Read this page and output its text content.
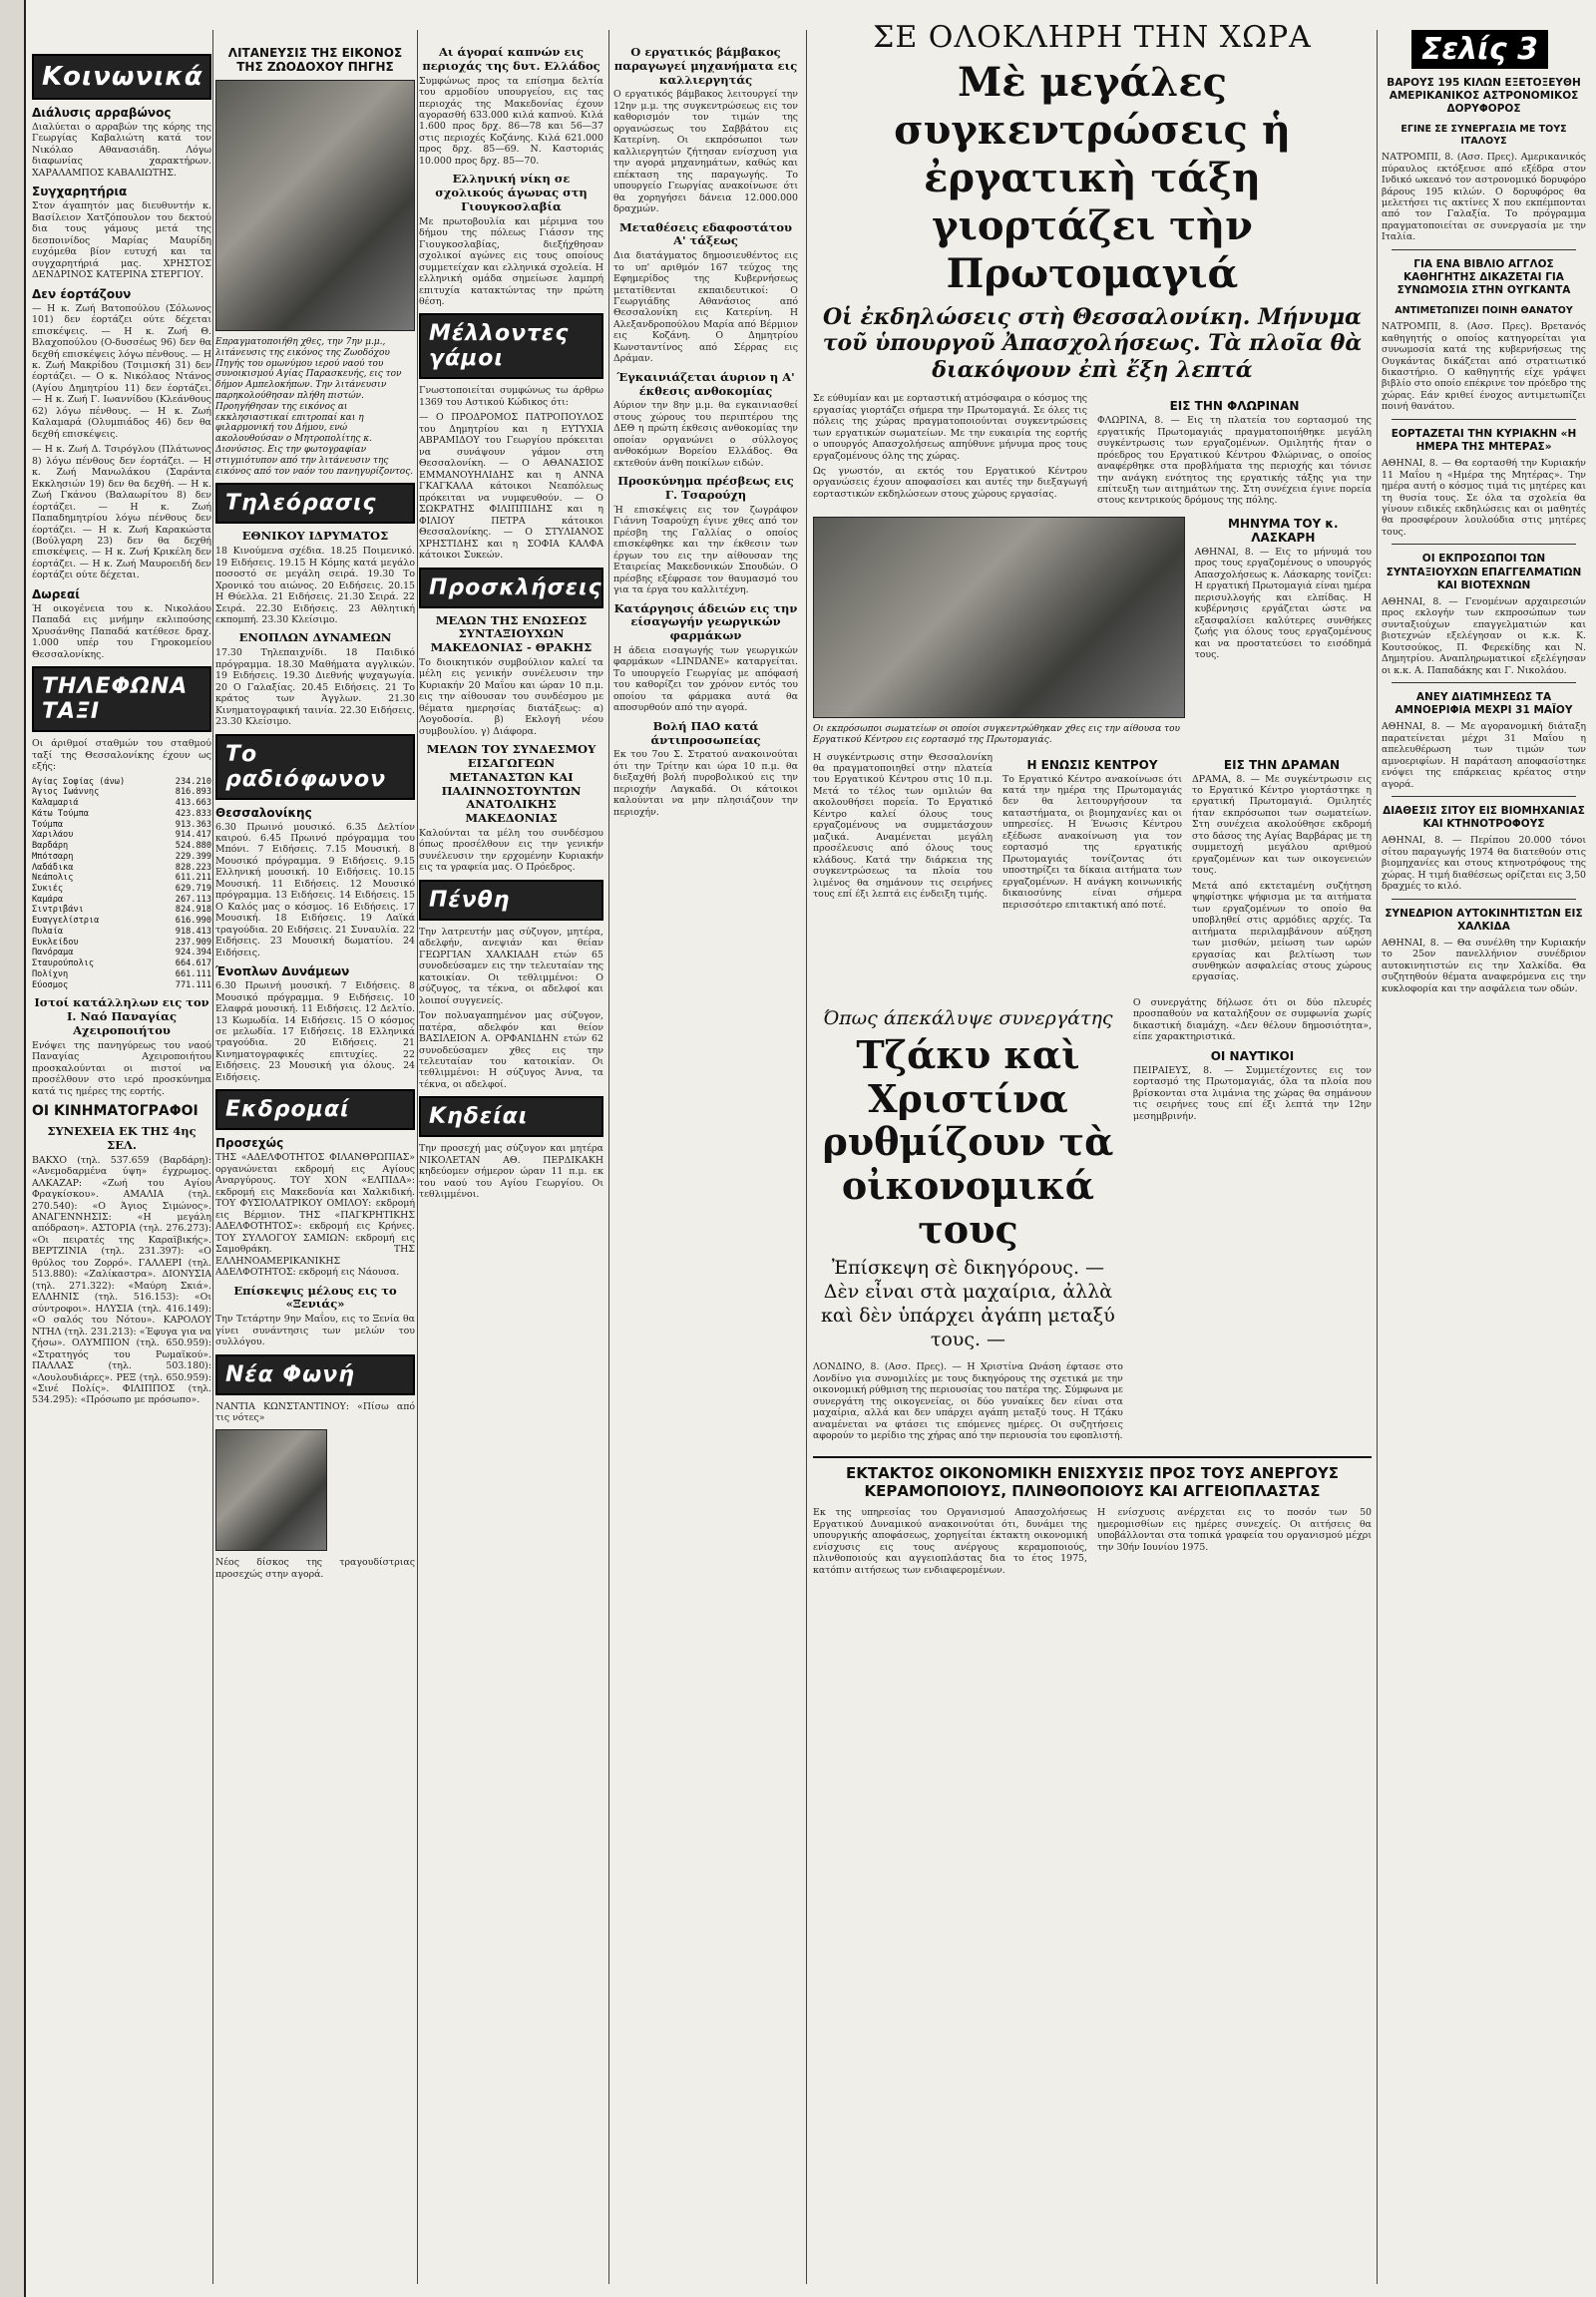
Κοινωνικά
Διάλυσις αρραβώνος

Διαλύεται ο αρραβών της κόρης της Γεωργίας Καβαλιώτη κατά τον Νικόλαο Αθανασιάδη. Λόγω διαφωνίας χαρακτήρων. ΧΑΡΑΛΑΜΠΟΣ ΚΑΒΑΛΙΩΤΗΣ.

Συγχαρητήρια

Στον άγαπητόν μας διευθυντήν κ. Βασίλειον Χατζόπουλον του δεκτού δια τους γάμους μετά της δεσποινίδος Μαρίας Μαυρίδη ευχόμεθα βίον ευτυχή και τα συγχαρητήριά μας. ΧΡΗΣΤΟΣ ΔΕΝΔΡΙΝΟΣ ΚΑΤΕΡΙΝΑ ΣΤΕΡΓΙΟΥ.

Δεν έορτάζουν

— Η κ. Ζωή Βατοπούλου (Σόλωνος 101) δεν έορτάζει ούτε δέχεται επισκέψεις. — Η κ. Ζωή Θ. Βλαχοπούλου (Ο-δυσσέως 96) δεν θα δεχθή επισκέψεις λόγω πένθους. — Η κ. Ζωή Μακρίδου (Τσιμισκή 31) δεν έορτάζει. — Ο κ. Νικόλαος Ντάνος (Αγίου Δημητρίου 11) δεν έορτάζει. — Η κ. Ζωή Γ. Ιωαννίδου (Κλεάνθους 62) λόγω πένθους. — Η κ. Ζωή Καλαμαρά (Ολυμπιάδος 46) δεν θα δεχθή επισκέψεις.

— Η κ. Ζωή Δ. Τσιρόγλου (Πλάτωνος 8) λόγω πένθους δεν έορτάζει. — Η κ. Ζωή Μανωλάκου (Σαράντα Εκκλησιών 19) δεν θα δεχθή. — Η κ. Ζωή Γκάνου (Βαλαωρίτου 8) δεν έορτάζει. — Η κ. Ζωή Παπαδημητρίου λόγω πένθους δεν έορτάζει. — Η κ. Ζωή Καρακώστα (Βούλγαρη 23) δεν θα δεχθή επισκέψεις. — Η κ. Ζωή Κρικέλη δεν έορτάζει. — Η κ. Ζωή Μαυροειδή δεν έορτάζει ούτε δέχεται.

Δωρεαί

Ή οικογένεια του κ. Νικολάου Παπαδά εις μνήμην εκλιπούσης Χρυσάνθης Παπαδά κατέθεσε δραχ. 1.000 υπέρ του Γηροκομείου Θεσσαλονίκης.

ΤΗΛΕΦΩΝΑ ΤΑΞΙ

Οι άριθμοί σταθμών του σταθμού ταξί της Θεσσαλονίκης έχουν ως εξής:

Αγίας Σοφίας (άνω)	234.210
Άγιος Ιωάννης	816.893
Καλαμαριά	413.663
Κάτω Τούμπα	423.833
Τούμπα	913.363
Χαριλάου	914.417
Βαρδάρη	524.880
Μπότσαρη	229.399
Λαδάδικα	828.223
Νεάπολις	611.211
Συκιές	629.719
Καμάρα	267.113
Σιντριβάνι	824.918
Ευαγγελίστρια	616.990
Πυλαία	918.413
Ευκλείδου	237.909
Πανόραμα	924.394
Σταυρούπολις	664.617
Πολίχνη	661.111
Εύοσμος	771.111
Ιστοί κατάλληλων εις τον Ι. Ναό Παναγίας Αχειροποιήτου

Ενόψει της πανηγύρεως του ναού Παναγίας Αχειροποιήτου προσκαλούνται οι πιστοί να προσέλθουν στο ιερό προσκύνημα κατά τις ημέρες της εορτής.

ΟΙ ΚΙΝΗΜΑΤΟΓΡΑΦΟΙ
ΣΥΝΕΧΕΙΑ ΕΚ ΤΗΣ 4ης ΣΕΛ.

ΒΑΚΧΟ (τηλ. 537.659 (Βαρδάρη): «Ανεμοδαρμένα ύψη» έγχρωμος. ΑΛΚΑΖΑΡ: «Ζωή του Αγίου Φραγκίσκου». ΑΜΑΛΙΑ (τηλ. 270.540): «Ο Άγιος Σιμώνος». ΑΝΑΓΕΝΝΗΣΙΣ: «Η μεγάλη απόδραση». ΑΣΤΟΡΙΑ (τηλ. 276.273): «Οι πειρατές της Καραϊβικής». ΒΕΡΤΖΙΝΙΑ (τηλ. 231.397): «Ο θρύλος του Ζορρό». ΓΑΛΛΕΡΙ (τηλ. 513.880): «Ζαλίκαστρα». ΔΙΟΝΥΣΙΑ (τηλ. 271.322): «Μαύρη Σκιά». ΕΛΛΗΝΙΣ (τηλ. 516.153): «Οι σύντροφοι». ΗΛΥΣΙΑ (τηλ. 416.149): «Ο σαλός του Νότου». ΚΑΡΟΛΟΥ ΝΤΗΛ (τηλ. 231.213): «Έφυγα για να ζήσω». ΟΛΥΜΠΙΟΝ (τηλ. 650.959): «Στρατηγός του Ρωμαϊκού». ΠΑΛΛΑΣ (τηλ. 503.180): «Λουλουδιάρες». ΡΕΞ (τηλ. 650.959): «Σινέ Πολίς». ΦΙΛΙΠΠΟΣ (τηλ. 534.295): «Πρόσωπο με πρόσωπο».

ΛΙΤΑΝΕΥΣΙΣ ΤΗΣ ΕΙΚΟΝΟΣ ΤΗΣ ΖΩΟΔΟΧΟΥ ΠΗΓΗΣ

Επραγματοποιήθη χθες, την 7ην μ.μ., λιτάνευσις της εικόνος της Ζωοδόχου Πηγής του ομωνύμου ιερού ναού του συνοικισμού Αγίας Παρασκευής, εις τον δήμον Αμπελοκήπων. Την λιτάνευσιν παρηκολούθησαν πλήθη πιστών. Προηγήθησαν της εικόνος αι εκκλησιαστικαί επιτροπαί και η φιλαρμονική του Δήμου, ενώ ακολουθούσαν ο Μητροπολίτης κ. Διονύσιος. Εις την φωτογραφίαν στιγμιότυπον από την λιτάνευσιν της εικόνος από τον ναόν του πανηγυρίζοντος.

Τηλεόρασις
ΕΘΝΙΚΟΥ ΙΔΡΥΜΑΤΟΣ

18 Κινούμενα σχέδια. 18.25 Ποιμενικό. 19 Ειδήσεις. 19.15 Η Κόμης κατά μεγάλο ποσοστό σε μεγάλη σειρά. 19.30 Το Χρονικό του αιώνος. 20 Ειδήσεις. 20.15 Η Θύελλα. 21 Ειδήσεις. 21.30 Σειρά. 22 Σειρά. 22.30 Ειδήσεις. 23 Αθλητική εκπομπή. 23.30 Κλείσιμο.

ΕΝΟΠΛΩΝ ΔΥΝΑΜΕΩΝ

17.30 Τηλεπαιχνίδι. 18 Παιδικό πρόγραμμα. 18.30 Μαθήματα αγγλικών. 19 Ειδήσεις. 19.30 Διεθνής ψυχαγωγία. 20 Ο Γαλαξίας. 20.45 Ειδήσεις. 21 Το κράτος των Άγγλων. 21.30 Κινηματογραφική ταινία. 22.30 Ειδήσεις. 23.30 Κλείσιμο.

Το ραδιόφωνον
Θεσσαλονίκης

6.30 Πρωινό μουσικό. 6.35 Δελτίον καιρού. 6.45 Πρωινό πρόγραμμα του Μπόνι. 7 Ειδήσεις. 7.15 Μουσική. 8 Μουσικό πρόγραμμα. 9 Ειδήσεις. 9.15 Ελληνική μουσική. 10 Ειδήσεις. 10.15 Μουσική. 11 Ειδήσεις. 12 Μουσικό πρόγραμμα. 13 Ειδήσεις. 14 Ειδήσεις. 15 Ο Καλός μας ο κόσμος. 16 Ειδήσεις. 17 Μουσική. 18 Ειδήσεις. 19 Λαϊκά τραγούδια. 20 Ειδήσεις. 21 Συναυλία. 22 Ειδήσεις. 23 Μουσική δωματίου. 24 Ειδήσεις.

Ένοπλων Δυνάμεων

6.30 Πρωινή μουσική. 7 Ειδήσεις. 8 Μουσικό πρόγραμμα. 9 Ειδήσεις. 10 Ελαφρά μουσική. 11 Ειδήσεις. 12 Δελτίο. 13 Κωμωδία. 14 Ειδήσεις. 15 Ο κόσμος σε μελωδία. 17 Ειδήσεις. 18 Ελληνικά τραγούδια. 20 Ειδήσεις. 21 Κινηματογραφικές επιτυχίες. 22 Ειδήσεις. 23 Μουσική για όλους. 24 Ειδήσεις.

Εκδρομαί
Προσεχώς

ΤΗΣ «ΑΔΕΛΦΟΤΗΤΟΣ ΦΙΛΑΝΘΡΩΠΙΑΣ» οργανώνεται εκδρομή εις Αγίους Αναργύρους. ΤΟΥ ΧΟΝ «ΕΛΠΙΔΑ»: εκδρομή εις Μακεδονία και Χαλκιδική. ΤΟΥ ΦΥΣΙΟΛΑΤΡΙΚΟΥ ΟΜΙΛΟΥ: εκδρομή εις Βέρμιον. ΤΗΣ «ΠΑΓΚΡΗΤΙΚΗΣ ΑΔΕΛΦΟΤΗΤΟΣ»: εκδρομή εις Κρήνες. ΤΟΥ ΣΥΛΛΟΓΟΥ ΣΑΜΙΩΝ: εκδρομή εις Σαμοθράκη. ΤΗΣ ΕΛΛΗΝΟΑΜΕΡΙΚΑΝΙΚΗΣ ΑΔΕΛΦΟΤΗΤΟΣ: εκδρομή εις Νάουσα.

Επίσκεψις μέλους εις το «Ξενιάς»

Την Τετάρτην 9ην Μαΐου, εις το Ξενία θα γίνει συνάντησις των μελών του συλλόγου.

Νέα Φωνή

ΝΑΝΤΙΑ ΚΩΝΣΤΑΝΤΙΝΟΥ: «Πίσω από τις νότες»

Νέος δίσκος της τραγουδίστριας προσεχώς στην αγορά.

Αι άγοραί καπνών εις περιοχάς της δυτ. Ελλάδος

Συμφώνως προς τα επίσημα δελτία του αρμοδίου υπουργείου, εις τας περιοχάς της Μακεδονίας έχουν αγορασθή 633.000 κιλά καπνού. Κιλά 1.600 προς δρχ. 86—78 και 56—37 στις περιοχές Κοζάνης. Κιλά 621.000 προς δρχ. 85—69. Ν. Καστοριάς 10.000 προς δρχ. 85—70.

Ελληνική νίκη σε σχολικούς άγωνας στη Γιουγκοσλαβία

Με πρωτοβουλία και μέριμνα του δήμου της πόλεως Γιάσσν της Γιουγκοσλαβίας, διεξήχθησαν σχολικοί αγώνες εις τους οποίους συμμετείχαν και ελληνικά σχολεία. Η ελληνική ομάδα σημείωσε λαμπρή επιτυχία κατακτώντας την πρώτη θέση.

Μέλλοντες γάμοι

Γνωστοποιείται συμφώνως τω άρθρω 1369 του Αστικού Κώδικος ότι:

— Ο ΠΡΟΔΡΟΜΟΣ ΠΑΤΡΟΠΟΥΛΟΣ του Δημητρίου και η ΕΥΤΥΧΙΑ ΑΒΡΑΜΙΔΟΥ του Γεωργίου πρόκειται να συνάψουν γάμον στη Θεσσαλονίκη. — Ο ΑΘΑΝΑΣΙΟΣ ΕΜΜΑΝΟΥΗΛΙΔΗΣ και η ΑΝΝΑ ΓΚΑΓΚΑΛΑ κάτοικοι Νεαπόλεως πρόκειται να νυμφευθούν. — Ο ΣΩΚΡΑΤΗΣ ΦΙΛΙΠΠΙΔΗΣ και η ΦΙΛΙΟΥ ΠΕΤΡΑ κάτοικοι Θεσσαλονίκης. — Ο ΣΤΥΛΙΑΝΟΣ ΧΡΗΣΤΙΔΗΣ και η ΣΟΦΙΑ ΚΑΛΦΑ κάτοικοι Συκεών.

Προσκλήσεις
ΜΕΛΩΝ ΤΗΣ ΕΝΩΣΕΩΣ ΣΥΝΤΑΞΙΟΥΧΩΝ ΜΑΚΕΔΟΝΙΑΣ - ΘΡΑΚΗΣ

Το διοικητικόν συμβούλιον καλεί τα μέλη εις γενικήν συνέλευσιν την Κυριακήν 20 Μαΐου και ώραν 10 π.μ. εις την αίθουσαν του συνδέσμου με θέματα ημερησίας διατάξεως: α) Λογοδοσία. β) Εκλογή νέου συμβουλίου. γ) Διάφορα.

ΜΕΛΩΝ ΤΟΥ ΣΥΝΔΕΣΜΟΥ ΕΙΣΑΓΩΓΕΩΝ ΜΕΤΑΝΑΣΤΩΝ ΚΑΙ ΠΑΛΙΝΝΟΣΤΟΥΝΤΩΝ ΑΝΑΤΟΛΙΚΗΣ ΜΑΚΕΔΟΝΙΑΣ

Καλούνται τα μέλη του συνδέσμου όπως προσέλθουν εις την γενικήν συνέλευσιν την ερχομένην Κυριακήν εις τα γραφεία μας. Ο Πρόεδρος.

Πένθη

Την λατρευτήν μας σύζυγον, μητέρα, αδελφήν, ανεψιάν και θείαν ΓΕΩΡΓΙΑΝ ΧΑΛΚΙΑΔΗ ετών 65 συνοδεύσαμεν εις την τελευταίαν της κατοικίαν. Οι τεθλιμμένοι: Ο σύζυγος, τα τέκνα, οι αδελφοί και λοιποί συγγενείς.

Τον πολυαγαπημένον μας σύζυγον, πατέρα, αδελφόν και θείον ΒΑΣΙΛΕΙΟΝ Α. ΟΡΦΑΝΙΔΗΝ ετών 62 συνοδεύσαμεν χθες εις την τελευταίαν του κατοικίαν. Οι τεθλιμμένοι: Η σύζυγος Άννα, τα τέκνα, οι αδελφοί.

Κηδείαι

Την προσεχή μας σύζυγον και μητέρα ΝΙΚΟΛΕΤΑΝ ΑΘ. ΠΕΡΔΙΚΑΚΗ κηδεύομεν σήμερον ώραν 11 π.μ. εκ του ναού του Αγίου Γεωργίου. Οι τεθλιμμένοι.

Ο εργατικός βάμβακος παραγωγεί μηχανήματα εις καλλιεργητάς

Ο εργατικός βάμβακος λειτουργεί την 12ην μ.μ. της συγκεντρώσεως εις τον καθορισμόν τον τιμών της οργανώσεως του Σαββάτου εις Κατερίνη. Οι εκπρόσωποι των καλλιεργητών ζήτησαν ενίσχυση για την αγορά μηχανημάτων, καθώς και επέκταση της παραγωγής. Το υπουργείο Γεωργίας ανακοίνωσε ότι θα χορηγήσει δάνεια 12.000.000 δραχμών.

Μεταθέσεις εδαφοστάτου Α' τάξεως

Δια διατάγματος δημοσιευθέντος εις το υπ' αριθμόν 167 τεύχος της Εφημερίδος της Κυβερνήσεως μετατίθενται εκπαιδευτικοί: Ο Γεωργιάδης Αθανάσιος από Θεσσαλονίκη εις Κατερίνη. Η Αλεξανδροπούλου Μαρία από Βέρμιον εις Κοζάνη. Ο Δημητρίου Κωνσταντίνος από Σέρρας εις Δράμαν.

Έγκαινιάζεται άυριον η Α' έκθεσις ανθοκομίας

Αύριον την 8ην μ.μ. θα εγκαινιασθεί στους χώρους του περιπτέρου της ΔΕΘ η πρώτη έκθεσις ανθοκομίας την οποίαν οργανώνει ο σύλλογος ανθοκόμων Βορείου Ελλάδος. Θα εκτεθούν άνθη ποικίλων ειδών.

Προσκύνημα πρέσβεως εις Γ. Τσαρούχη

Ή επισκέψεις εις τον ζωγράφον Γιάννη Τσαρούχη έγινε χθες από τον πρέσβη της Γαλλίας ο οποίος επισκέφθηκε και την έκθεσιν των έργων του εις την αίθουσαν της Εταιρείας Μακεδονικών Σπουδών. Ο πρέσβης εξέφρασε τον θαυμασμό του για τα έργα του καλλιτέχνη.

Κατάργησις άδειών εις την είσαγωγήν γεωργικών φαρμάκων

Η άδεια εισαγωγής των γεωργικών φαρμάκων «LINDANE» καταργείται. Το υπουργείο Γεωργίας με απόφασή του καθορίζει τον χρόνον εντός του οποίου τα φάρμακα αυτά θα αποσυρθούν από την αγορά.

Βολή ΠΑΟ κατά άντιπροσωπείας

Εκ του 7ου Σ. Στρατού ανακοινούται ότι την Τρίτην και ώρα 10 π.μ. θα διεξαχθή βολή πυροβολικού εις την περιοχήν Λαγκαδά. Οι κάτοικοι καλούνται να μην πλησιάζουν την περιοχήν.

ΣΕ ΟΛΟΚΛΗΡΗ ΤΗΝ ΧΩΡΑ
Μὲ μεγάλες συγκεντρώσεις ἡ ἐργατικὴ τάξη γιορτάζει τὴν Πρωτομαγιά
Οἱ ἐκδηλώσεις στὴ Θεσσαλονίκη. Μήνυμα τοῦ ὑπουργοῦ Ἀπασχολήσεως. Τὰ πλοῖα θὰ διακόψουν ἐπὶ ἔξη λεπτά

Σε εύθυμίαν και με εορταστική ατμόσφαιρα ο κόσμος της εργασίας γιορτάζει σήμερα την Πρωτομαγιά. Σε όλες τις πόλεις της χώρας πραγματοποιούνται συγκεντρώσεις των εργατικών σωματείων. Με την ευκαιρία της εορτής ο υπουργός Απασχολήσεως απηύθυνε μήνυμα προς τους εργαζομένους όλης της χώρας.

Ως γνωστόν, αι εκτός του Εργατικού Κέντρου οργανώσεις έχουν αποφασίσει και αυτές την διεξαγωγή εορταστικών εκδηλώσεων στους χώρους εργασίας.

ΕΙΣ ΤΗΝ ΦΛΩΡΙΝΑΝ

ΦΛΩΡΙΝΑ, 8. — Εις τη πλατεία του εορτασμού της εργατικής Πρωτομαγιάς πραγματοποιήθηκε μεγάλη συγκέντρωσις των εργαζομένων. Ομιλητής ήταν ο πρόεδρος του Εργατικού Κέντρου Φλώρινας, ο οποίος αναφέρθηκε στα προβλήματα της περιοχής και τόνισε την ανάγκη ενότητος της εργατικής τάξης για την επίτευξη των αιτημάτων της. Στη συνέχεια έγινε πορεία στους κεντρικούς δρόμους της πόλης.

Οι εκπρόσωποι σωματείων οι οποίοι συγκεντρώθηκαν χθες εις την αίθουσα του Εργατικού Κέντρου εις εορτασμό της Πρωτομαγιάς.

ΜΗΝΥΜΑ ΤΟΥ κ. ΛΑΣΚΑΡΗ

ΑΘΗΝΑΙ, 8. — Εις το μήνυμά του προς τους εργαζομένους ο υπουργός Απασχολήσεως κ. Λάσκαρης τονίζει: Η εργατική Πρωτομαγιά είναι ημέρα περισυλλογής και ελπίδας. Η κυβέρνησις εργάζεται ώστε να εξασφαλίσει καλύτερες συνθήκες ζωής για όλους τους εργαζομένους και να προστατεύσει το εισόδημά τους.

Η συγκέντρωσις στην Θεσσαλονίκη θα πραγματοποιηθεί στην πλατεία του Εργατικού Κέντρου στις 10 π.μ. Μετά το τέλος των ομιλιών θα ακολουθήσει πορεία. Το Εργατικό Κέντρο καλεί όλους τους εργαζομένους να συμμετάσχουν μαζικά. Αναμένεται μεγάλη προσέλευσις από όλους τους κλάδους. Κατά την διάρκεια της συγκεντρώσεως τα πλοία του λιμένος θα σημάνουν τις σειρήνες τους επί έξι λεπτά εις ένδειξη τιμής.

Η ΕΝΩΣΙΣ ΚΕΝΤΡΟΥ

Το Εργατικό Κέντρο ανακοίνωσε ότι κατά την ημέρα της Πρωτομαγιάς δεν θα λειτουργήσουν τα καταστήματα, οι βιομηχανίες και οι υπηρεσίες. Η Ένωσις Κέντρου εξέδωσε ανακοίνωση για τον εορτασμό της εργατικής Πρωτομαγιάς τονίζοντας ότι υποστηρίζει τα δίκαια αιτήματα των εργαζομένων. Η ανάγκη κοινωνικής δικαιοσύνης είναι σήμερα περισσότερο επιτακτική από ποτέ.

ΕΙΣ ΤΗΝ ΔΡΑΜΑΝ

ΔΡΑΜΑ, 8. — Με συγκέντρωσιν εις το Εργατικό Κέντρο γιορτάστηκε η εργατική Πρωτομαγιά. Ομιλητές ήταν εκπρόσωποι των σωματείων. Στη συνέχεια ακολούθησε εκδρομή στο δάσος της Αγίας Βαρβάρας με τη συμμετοχή μεγάλου αριθμού εργαζομένων και των οικογενειών τους.

Μετά από εκτεταμένη συζήτηση ψηφίστηκε ψήφισμα με τα αιτήματα των εργαζομένων το οποίο θα υποβληθεί στις αρμόδιες αρχές. Τα αιτήματα περιλαμβάνουν αύξηση των μισθών, μείωση των ωρών εργασίας και βελτίωση των συνθηκών ασφαλείας στους χώρους εργασίας.

Όπως άπεκάλυψε συνεργάτης
Τζάκυ καὶ Χριστίνα ρυθμίζουν τὰ οἰκονομικά τους
Ἐπίσκεψη σὲ δικηγόρους. — Δὲν εἶναι στὰ μαχαίρια, ἀλλὰ καὶ δὲν ὑπάρχει ἀγάπη μεταξύ τους. —

ΛΟΝΔΙΝΟ, 8. (Ασσ. Πρες). — Η Χριστίνα Ωνάση έφτασε στο Λονδίνο για συνομιλίες με τους δικηγόρους της σχετικά με την οικονομική ρύθμιση της περιουσίας του πατέρα της. Σύμφωνα με συνεργάτη της οικογενείας, οι δύο γυναίκες δεν είναι στα μαχαίρια, αλλά και δεν υπάρχει αγάπη μεταξύ τους. Η Τζάκυ αναμένεται να φτάσει τις επόμενες ημέρες. Οι συζητήσεις αφορούν το μερίδιο της χήρας από την περιουσία του εφοπλιστή.

Ο συνεργάτης δήλωσε ότι οι δύο πλευρές προσπαθούν να καταλήξουν σε συμφωνία χωρίς δικαστική διαμάχη. «Δεν θέλουν δημοσιότητα», είπε χαρακτηριστικά.

ΟΙ ΝΑΥΤΙΚΟΙ

ΠΕΙΡΑΙΕΥΣ, 8. — Συμμετέχοντες εις τον εορτασμό της Πρωτομαγιάς, όλα τα πλοία που βρίσκονται στα λιμάνια της χώρας θα σημάνουν τις σειρήνες τους επί έξι λεπτά την 12ην μεσημβρινήν.

ΕΚΤΑΚΤΟΣ ΟΙΚΟΝΟΜΙΚΗ ΕΝΙΣΧΥΣΙΣ ΠΡΟΣ ΤΟΥΣ ΑΝΕΡΓΟΥΣ ΚΕΡΑΜΟΠΟΙΟΥΣ, ΠΛΙΝΘΟΠΟΙΟΥΣ ΚΑΙ ΑΓΓΕΙΟΠΛΑΣΤΑΣ

Εκ της υπηρεσίας του Οργανισμού Απασχολήσεως Εργατικού Δυναμικού ανακοινούται ότι, δυνάμει της υπουργικής αποφάσεως, χορηγείται έκτακτη οικονομική ενίσχυσις εις τους ανέργους κεραμοποιούς, πλινθοποιούς και αγγειοπλάστας δια το έτος 1975, κατόπιν αιτήσεως των ενδιαφερομένων.

Η ενίσχυσις ανέρχεται εις το ποσόν των 50 ημερομισθίων εις ημέρες συνεχείς. Οι αιτήσεις θα υποβάλλονται στα τοπικά γραφεία του οργανισμού μέχρι την 30ήν Ιουνίου 1975.

Σελίς 3
ΒΑΡΟΥΣ 195 ΚΙΛΩΝ ΕΞΕΤΟΞΕΥΘΗ ΑΜΕΡΙΚΑΝΙΚΟΣ ΑΣΤΡΟΝΟΜΙΚΟΣ ΔΟΡΥΦΟΡΟΣ
ΕΓΙΝΕ ΣΕ ΣΥΝΕΡΓΑΣΙΑ ΜΕ ΤΟΥΣ ΙΤΑΛΟΥΣ

ΝΑΤΡΟΜΠΙ, 8. (Ασσ. Πρες). Αμερικανικός πύραυλος εκτόξευσε από εξέδρα στον Ινδικό ωκεανό τον αστρονομικό δορυφόρο βάρους 195 κιλών. Ο δορυφόρος θα μελετήσει τις ακτίνες Χ που εκπέμπονται από τον Γαλαξία. Το πρόγραμμα πραγματοποιείται σε συνεργασία με την Ιταλία.

ΓΙΑ ΕΝΑ ΒΙΒΛΙΟ ΑΓΓΛΟΣ ΚΑΘΗΓΗΤΗΣ ΔΙΚΑΖΕΤΑΙ ΓΙΑ ΣΥΝΩΜΟΣΙΑ ΣΤΗΝ ΟΥΓΚΑΝΤΑ
ΑΝΤΙΜΕΤΩΠΙΖΕΙ ΠΟΙΝΗ ΘΑΝΑΤΟΥ

ΝΑΤΡΟΜΠΙ, 8. (Ασσ. Πρες). Βρετανός καθηγητής ο οποίος κατηγορείται για συνωμοσία κατά της κυβερνήσεως της Ουγκάντας δικάζεται από στρατιωτικό δικαστήριο. Ο καθηγητής είχε γράψει βιβλίο στο οποίο επέκρινε τον πρόεδρο της χώρας. Εάν κριθεί ένοχος αντιμετωπίζει ποινή θανάτου.

ΕΟΡΤΑΖΕΤΑΙ ΤΗΝ ΚΥΡΙΑΚΗΝ «Η ΗΜΕΡΑ ΤΗΣ ΜΗΤΕΡΑΣ»

ΑΘΗΝΑΙ, 8. — Θα εορτασθή την Κυριακήν 11 Μαΐου η «Ημέρα της Μητέρας». Την ημέρα αυτή ο κόσμος τιμά τις μητέρες και τη θυσία τους. Σε όλα τα σχολεία θα γίνουν ειδικές εκδηλώσεις και οι μαθητές θα προσφέρουν λουλούδια στις μητέρες τους.

ΟΙ ΕΚΠΡΟΣΩΠΟΙ ΤΩΝ ΣΥΝΤΑΞΙΟΥΧΩΝ ΕΠΑΓΓΕΛΜΑΤΙΩΝ ΚΑΙ ΒΙΟΤΕΧΝΩΝ

ΑΘΗΝΑΙ, 8. — Γενομένων αρχαιρεσιών προς εκλογήν των εκπροσώπων των συνταξιούχων επαγγελματιών και βιοτεχνών εξελέγησαν οι κ.κ. Κ. Κουτσούκος, Π. Φερεκίδης και Ν. Δημητρίου. Αναπληρωματικοί εξελέγησαν οι κ.κ. Α. Παπαδάκης και Γ. Νικολάου.

ΑΝΕΥ ΔΙΑΤΙΜΗΣΕΩΣ ΤΑ ΑΜΝΟΕΡΙΦΙΑ ΜΕΧΡΙ 31 ΜΑΪΟΥ

ΑΘΗΝΑΙ, 8. — Με αγορανομική διάταξη παρατείνεται μέχρι 31 Μαΐου η απελευθέρωση των τιμών των αμνοεριφίων. Η παράταση αποφασίστηκε ενόψει της επάρκειας κρέατος στην αγορά.

ΔΙΑΘΕΣΙΣ ΣΙΤΟΥ ΕΙΣ ΒΙΟΜΗΧΑΝΙΑΣ ΚΑΙ ΚΤΗΝΟΤΡΟΦΟΥΣ

ΑΘΗΝΑΙ, 8. — Περίπου 20.000 τόνοι σίτου παραγωγής 1974 θα διατεθούν στις βιομηχανίες και στους κτηνοτρόφους της χώρας. Η τιμή διαθέσεως ορίζεται εις 3,50 δραχμές το κιλό.

ΣΥΝΕΔΡΙΟΝ ΑΥΤΟΚΙΝΗΤΙΣΤΩΝ ΕΙΣ ΧΑΛΚΙΔΑ

ΑΘΗΝΑΙ, 8. — Θα συνέλθη την Κυριακήν το 25ον πανελλήνιον συνέδριον αυτοκινητιστών εις την Χαλκίδα. Θα συζητηθούν θέματα αναφερόμενα εις την κυκλοφορία και την ασφάλεια των οδών.
